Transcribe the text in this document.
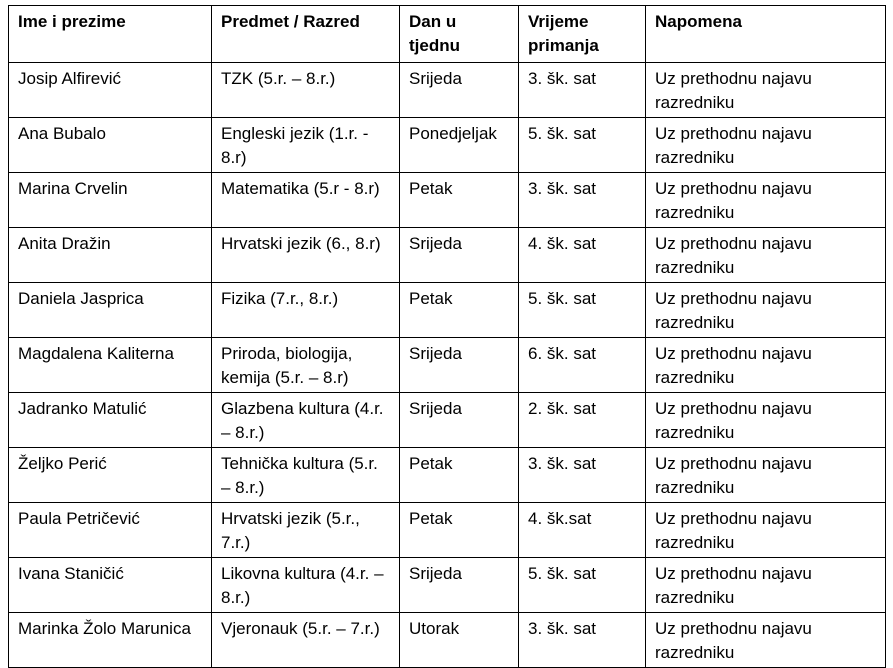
Ime i prezime	Predmet / Razred	Dan u tjednu	Vrijeme primanja	Napomena

Josip Alfirević	TZK (5.r. – 8.r.)	Srijeda	3. šk. sat	Uz prethodnu najavu razredniku

Ana Bubalo	Engleski jezik (1.r. - 8.r)	Ponedjeljak	5. šk. sat	Uz prethodnu najavu razredniku

Marina Crvelin	Matematika (5.r - 8.r)	Petak	3. šk. sat	Uz prethodnu najavu razredniku

Anita Dražin	Hrvatski jezik (6., 8.r)	Srijeda	4. šk. sat	Uz prethodnu najavu razredniku

Daniela Jasprica	Fizika (7.r., 8.r.)	Petak	5. šk. sat	Uz prethodnu najavu razredniku

Magdalena Kaliterna	Priroda, biologija, kemija (5.r. – 8.r)	Srijeda	6. šk. sat	Uz prethodnu najavu razredniku

Jadranko Matulić	Glazbena kultura (4.r. – 8.r.)	Srijeda	2. šk. sat	Uz prethodnu najavu razredniku

Željko Perić	Tehnička kultura (5.r. – 8.r.)	Petak	3. šk. sat	Uz prethodnu najavu razredniku

Paula Petričević	Hrvatski jezik (5.r., 7.r.)	Petak	4. šk.sat	Uz prethodnu najavu razredniku

Ivana Staničić	Likovna kultura (4.r. – 8.r.)	Srijeda	5. šk. sat	Uz prethodnu najavu razredniku

Marinka Žolo Marunica	Vjeronauk (5.r. – 7.r.)	Utorak	3. šk. sat	Uz prethodnu najavu razredniku
